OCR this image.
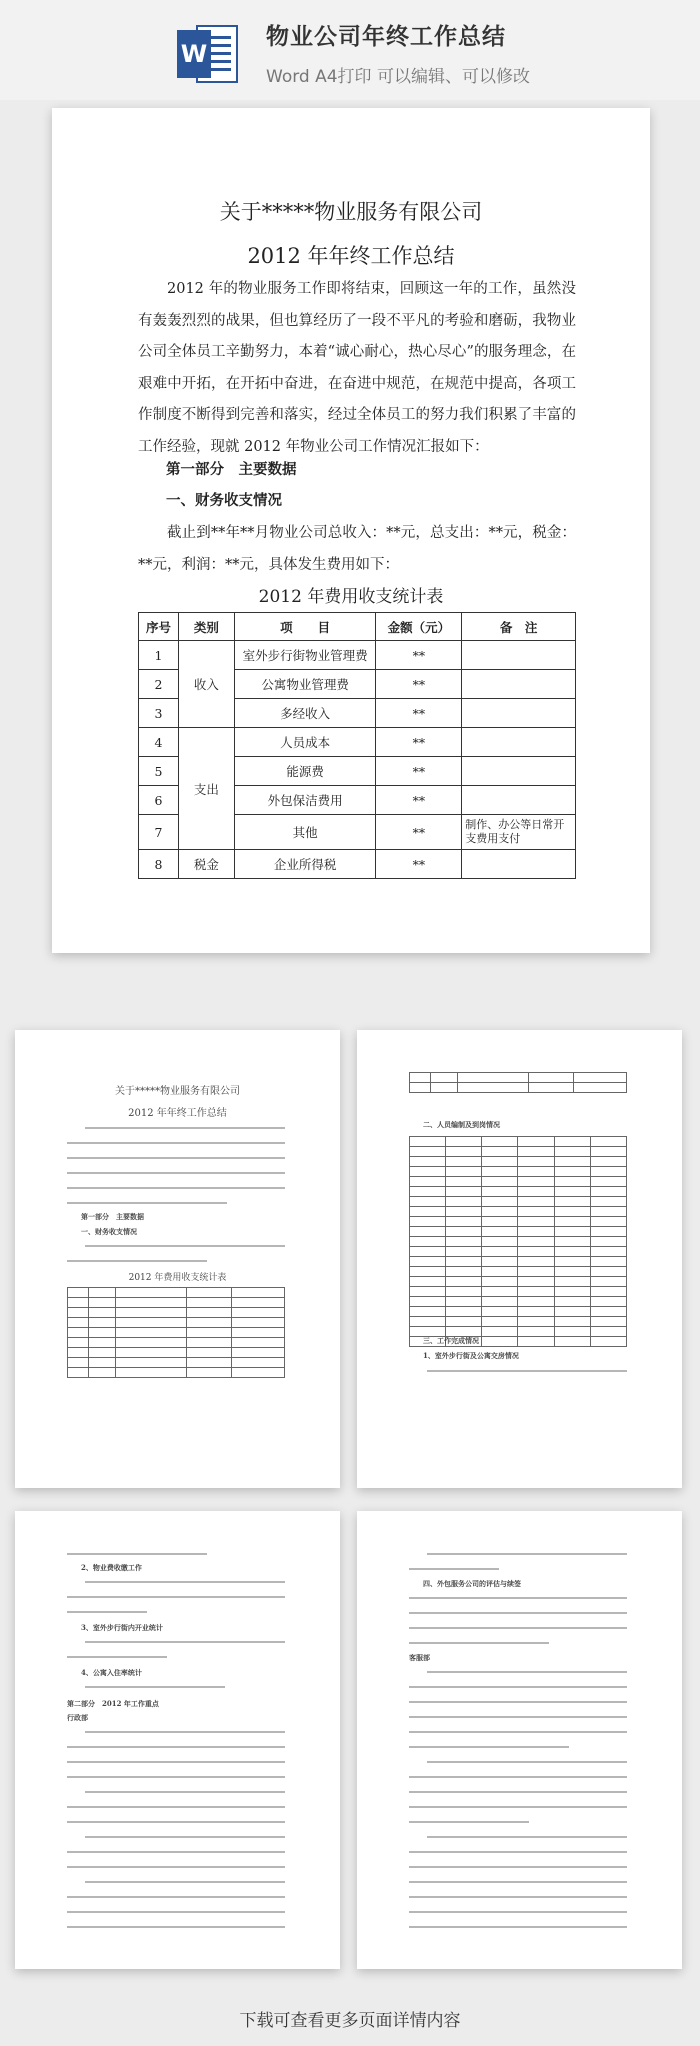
W
物业公司年终工作总结
Word A4打印 可以编辑、可以修改
关于*****物业服务有限公司
2012 年年终工作总结
2012 年的物业服务工作即将结束，回顾这一年的工作，虽然没有轰轰烈烈的战果，但也算经历了一段不平凡的考验和磨砺，我物业公司全体员工辛勤努力，本着“诚心耐心，热心尽心”的服务理念，在艰难中开拓，在开拓中奋进，在奋进中规范，在规范中提高，各项工作制度不断得到完善和落实，经过全体员工的努力我们积累了丰富的工作经验，现就 2012 年物业公司工作情况汇报如下：
第一部分　主要数据
一、财务收支情况
截止到**年**月物业公司总收入：**元，总支出：**元，税金：**元，利润：**元，具体发生费用如下：
2012 年费用收支统计表
序号	类别	项　　目	金额（元）	备　注
1	收入	室外步行街物业管理费	**	
2		公寓物业管理费	**	
3		多经收入	**	
4	支出	人员成本	**	
5		能源费	**	
6		外包保洁费用	**	
7		其他	**	制作、办公等日常开支费用支付
8	税金	企业所得税	**	
关于*****物业服务有限公司
2012 年年终工作总结
第一部分　主要数据
一、财务收支情况
2012 年费用收支统计表

二、人员编制及到岗情况

三、工作完成情况
1、室外步行街及公寓交房情况
2、物业费收缴工作
3、室外步行街内开业统计
4、公寓入住率统计
第二部分　2012 年工作重点
行政部
四、外包服务公司的评估与续签
客服部
下载可查看更多页面详情内容
